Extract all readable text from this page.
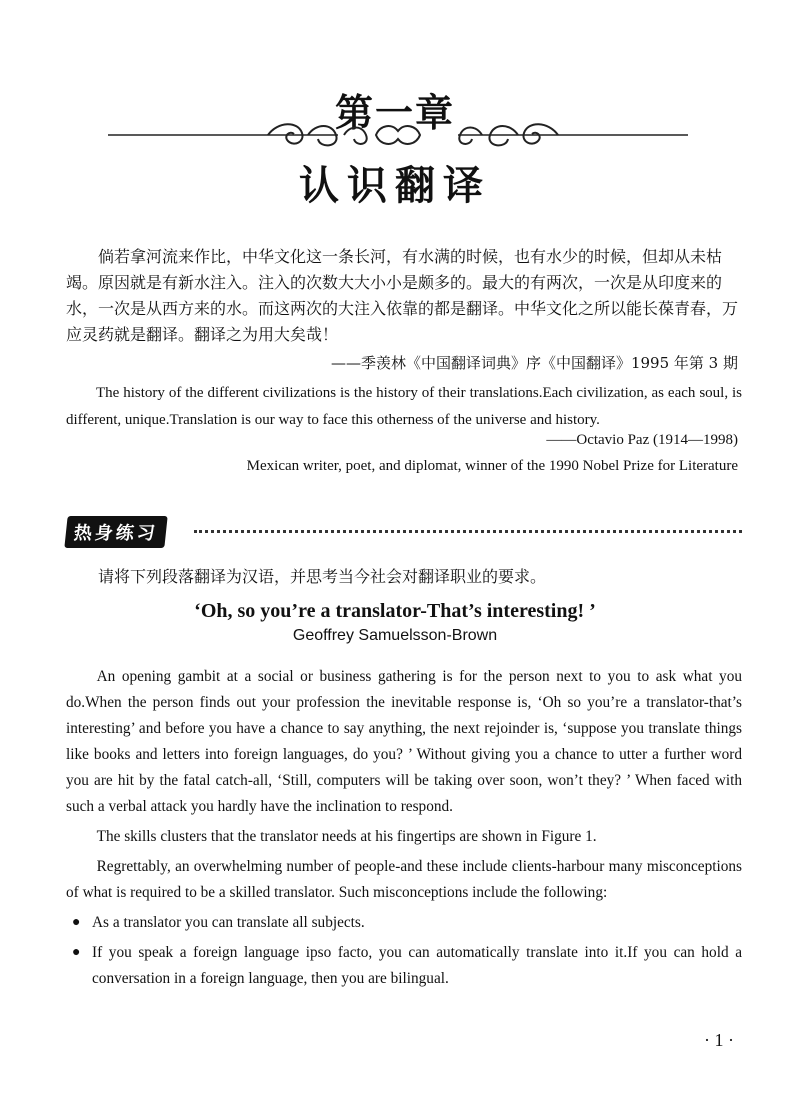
第一章
认识翻译

倘若拿河流来作比，中华文化这一条长河，有水满的时候，也有水少的时候，但却从未枯竭。原因就是有新水注入。注入的次数大大小小是颇多的。最大的有两次，一次是从印度来的水，一次是从西方来的水。而这两次的大注入依靠的都是翻译。中华文化之所以能长葆青春，万应灵药就是翻译。翻译之为用大矣哉！

——季羡林《中国翻译词典》序《中国翻译》1995 年第 3 期

The history of the different civilizations is the history of their translations.Each civilization, as each soul, is different, unique.Translation is our way to face this otherness of the universe and history.

——Octavio Paz (1914—1998)
Mexican writer, poet, and diplomat, winner of the 1990 Nobel Prize for Literature
热身练习
请将下列段落翻译为汉语，并思考当今社会对翻译职业的要求。
‘Oh, so you’re a translator-That’s interesting! ’
Geoffrey Samuelsson-Brown

An opening gambit at a social or business gathering is for the person next to you to ask what you do.When the person finds out your profession the inevitable response is, ‘Oh so you’re a translator-that’s interesting’ and before you have a chance to say anything, the next rejoinder is, ‘suppose you translate things like books and letters into foreign languages, do you? ’ Without giving you a chance to utter a further word you are hit by the fatal catch-all, ‘Still, computers will be taking over soon, won’t they? ’ When faced with such a verbal attack you hardly have the inclination to respond.

The skills clusters that the translator needs at his fingertips are shown in Figure 1.

Regrettably, an overwhelming number of people-and these include clients-harbour many misconceptions of what is required to be a skilled translator. Such misconceptions include the following:

● As a translator you can translate all subjects.
● If you speak a foreign language ipso facto, you can automatically translate into it.If you can hold a conversation in a foreign language, then you are bilingual.
· 1 ·
